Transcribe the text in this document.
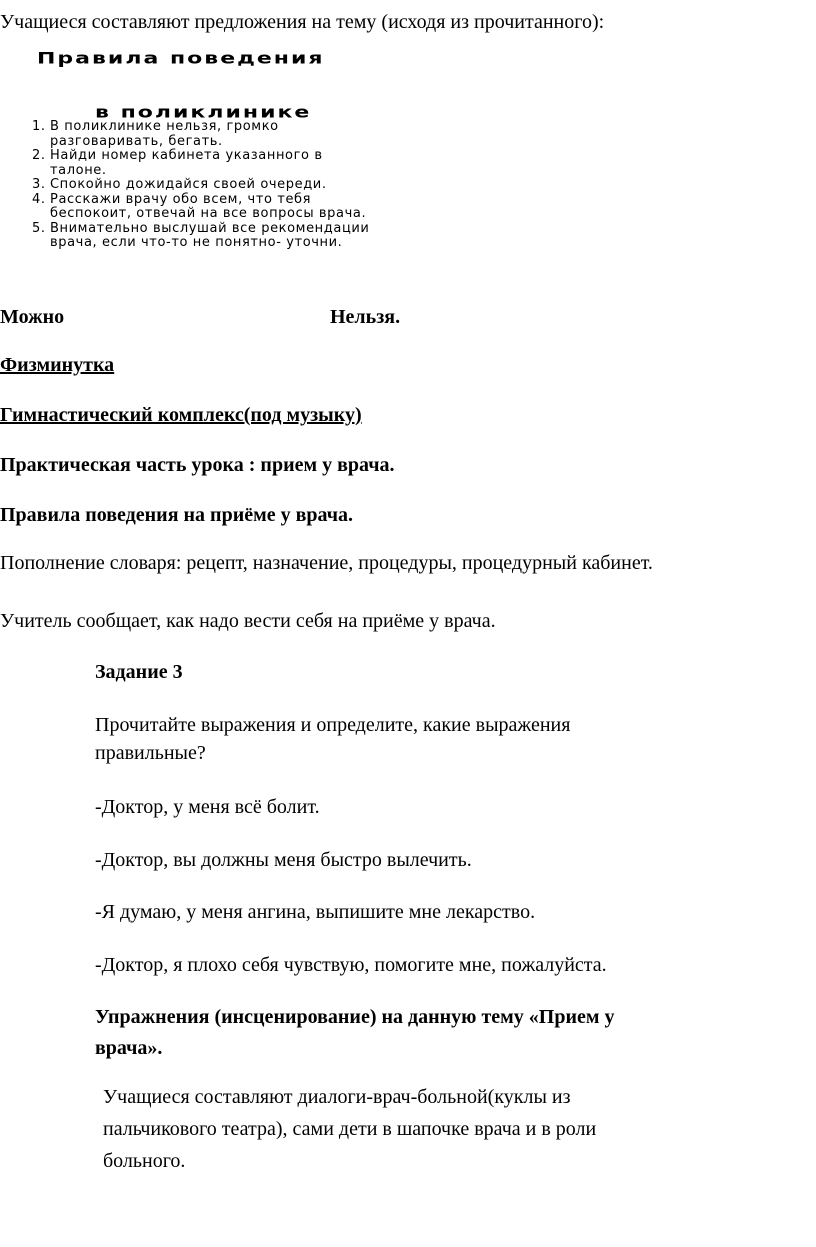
Учащиеся составляют предложения на тему (исходя из прочитанного):

Правила поведения
в поликлинике
1. В поликлинике нельзя, громко
разговаривать, бегать.
2. Найди номер кабинета указанного в
талоне.
3. Спокойно дожидайся своей очереди.
4. Расскажи врачу обо всем, что тебя
беспокоит, отвечай на все вопросы врача.
5. Внимательно выслушай все рекомендации
врача, если что-то не понятно- уточни.

Можно	Нельзя.

Физминутка

Гимнастический комплекс(под музыку)

Практическая часть урока : прием у врача.

Правила поведения на приёме у врача.

Пополнение словаря: рецепт, назначение, процедуры, процедурный кабинет.

Учитель сообщает, как надо вести себя на приёме у врача.

Задание 3

Прочитайте выражения и определите, какие выражения

правильные?

-Доктор, у меня всё болит.

-Доктор, вы должны меня быстро вылечить.

-Я думаю, у меня ангина, выпишите мне лекарство.

-Доктор, я плохо себя чувствую, помогите мне, пожалуйста.

Упражнения (инсценирование) на данную тему «Прием у

врача».

Учащиеся составляют диалоги-врач-больной(куклы из

пальчикового театра), сами дети в шапочке врача и в роли

больного.
